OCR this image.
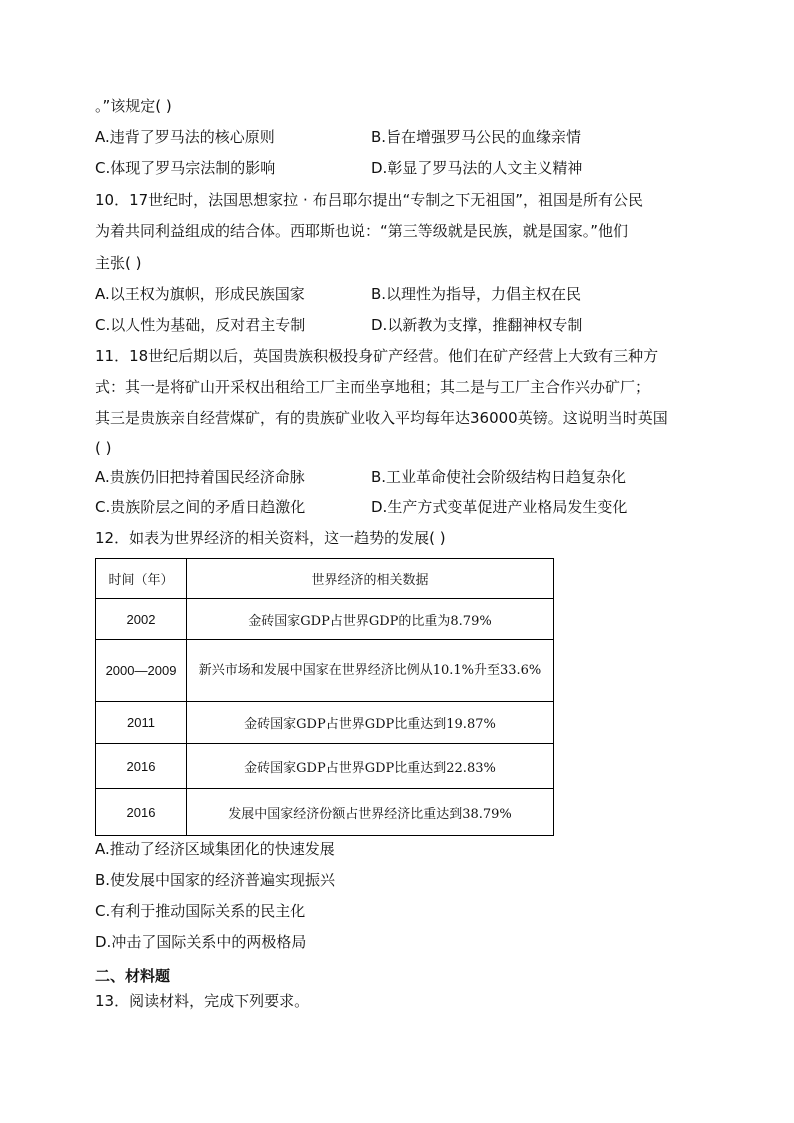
。”该规定( )
A.违背了罗马法的核心原则	B.旨在增强罗马公民的血缘亲情
C.体现了罗马宗法制的影响	D.彰显了罗马法的人文主义精神
10．17世纪时，法国思想家拉 · 布吕耶尔提出“专制之下无祖国”，祖国是所有公民
为着共同利益组成的结合体。西耶斯也说：“第三等级就是民族，就是国家。”他们
主张( )
A.以王权为旗帜，形成民族国家	B.以理性为指导，力倡主权在民
C.以人性为基础，反对君主专制	D.以新教为支撑，推翻神权专制
11．18世纪后期以后，英国贵族积极投身矿产经营。他们在矿产经营上大致有三种方
式：其一是将矿山开采权出租给工厂主而坐享地租；其二是与工厂主合作兴办矿厂；
其三是贵族亲自经营煤矿，有的贵族矿业收入平均每年达36000英镑。这说明当时英国
( )
A.贵族仍旧把持着国民经济命脉	B.工业革命使社会阶级结构日趋复杂化
C.贵族阶层之间的矛盾日趋激化	D.生产方式变革促进产业格局发生变化
12．如表为世界经济的相关资料，这一趋势的发展( )
时间（年）	世界经济的相关数据
2002	金砖国家GDP占世界GDP的比重为8.79%
2000—2009	新兴市场和发展中国家在世界经济比例从10.1%升至33.6%
2011	金砖国家GDP占世界GDP比重达到19.87%
2016	金砖国家GDP占世界GDP比重达到22.83%
2016	发展中国家经济份额占世界经济比重达到38.79%
A.推动了经济区域集团化的快速发展
B.使发展中国家的经济普遍实现振兴
C.有利于推动国际关系的民主化
D.冲击了国际关系中的两极格局
二、材料题
13．阅读材料，完成下列要求。
